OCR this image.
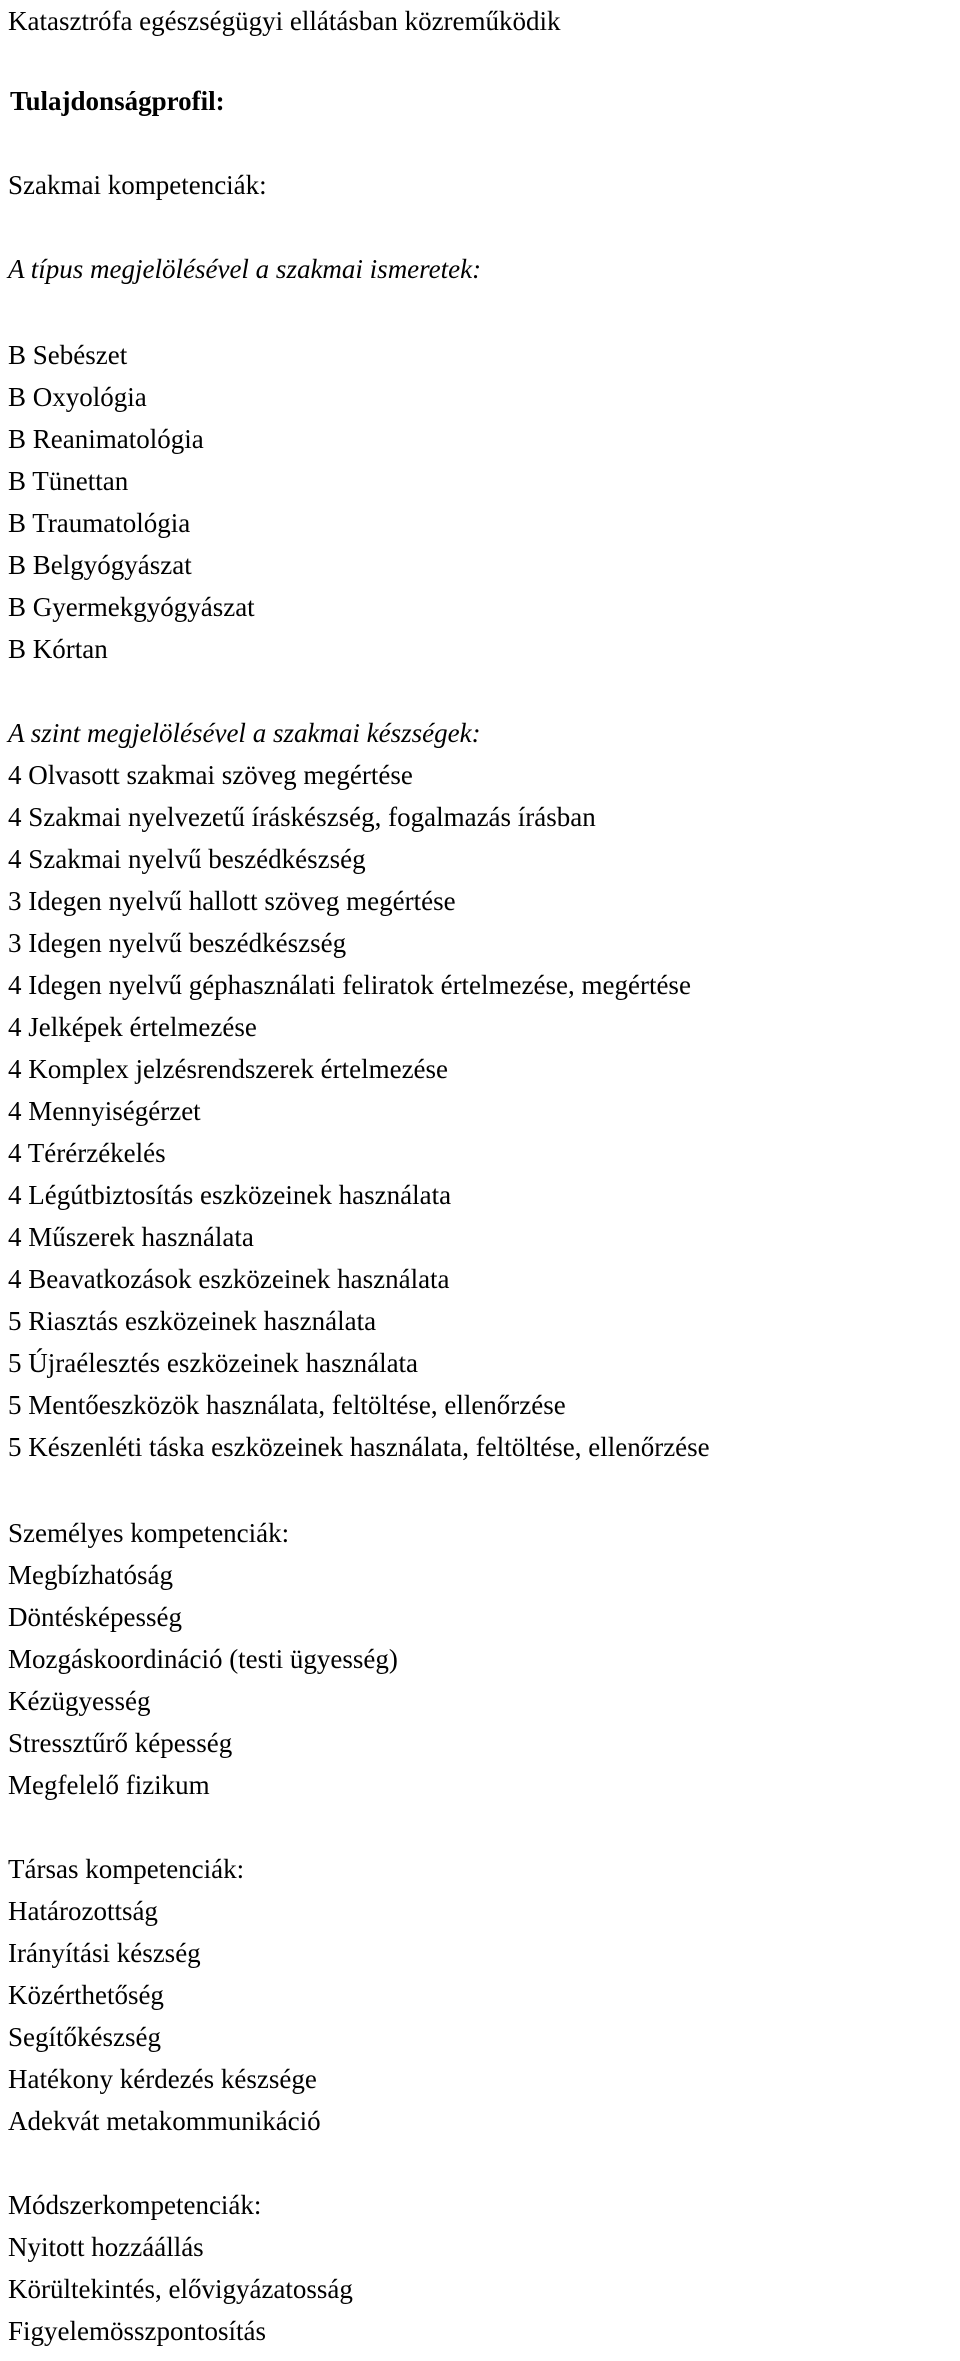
Katasztrófa egészségügyi ellátásban közreműködik
Tulajdonságprofil:
Szakmai kompetenciák:
A típus megjelölésével a szakmai ismeretek:
B Sebészet
B Oxyológia
B Reanimatológia
B Tünettan
B Traumatológia
B Belgyógyászat
B Gyermekgyógyászat
B Kórtan
A szint megjelölésével a szakmai készségek:
4 Olvasott szakmai szöveg megértése
4 Szakmai nyelvezetű íráskészség, fogalmazás írásban
4 Szakmai nyelvű beszédkészség
3 Idegen nyelvű hallott szöveg megértése
3 Idegen nyelvű beszédkészség
4 Idegen nyelvű géphasználati feliratok értelmezése, megértése
4 Jelképek értelmezése
4 Komplex jelzésrendszerek értelmezése
4 Mennyiségérzet
4 Térérzékelés
4 Légútbiztosítás eszközeinek használata
4 Műszerek használata
4 Beavatkozások eszközeinek használata
5 Riasztás eszközeinek használata
5 Újraélesztés eszközeinek használata
5 Mentőeszközök használata, feltöltése, ellenőrzése
5 Készenléti táska eszközeinek használata, feltöltése, ellenőrzése
Személyes kompetenciák:
Megbízhatóság
Döntésképesség
Mozgáskoordináció (testi ügyesség)
Kézügyesség
Stressztűrő képesség
Megfelelő fizikum
Társas kompetenciák:
Határozottság
Irányítási készség
Közérthetőség
Segítőkészség
Hatékony kérdezés készsége
Adekvát metakommunikáció
Módszerkompetenciák:
Nyitott hozzáállás
Körültekintés, elővigyázatosság
Figyelemösszpontosítás
